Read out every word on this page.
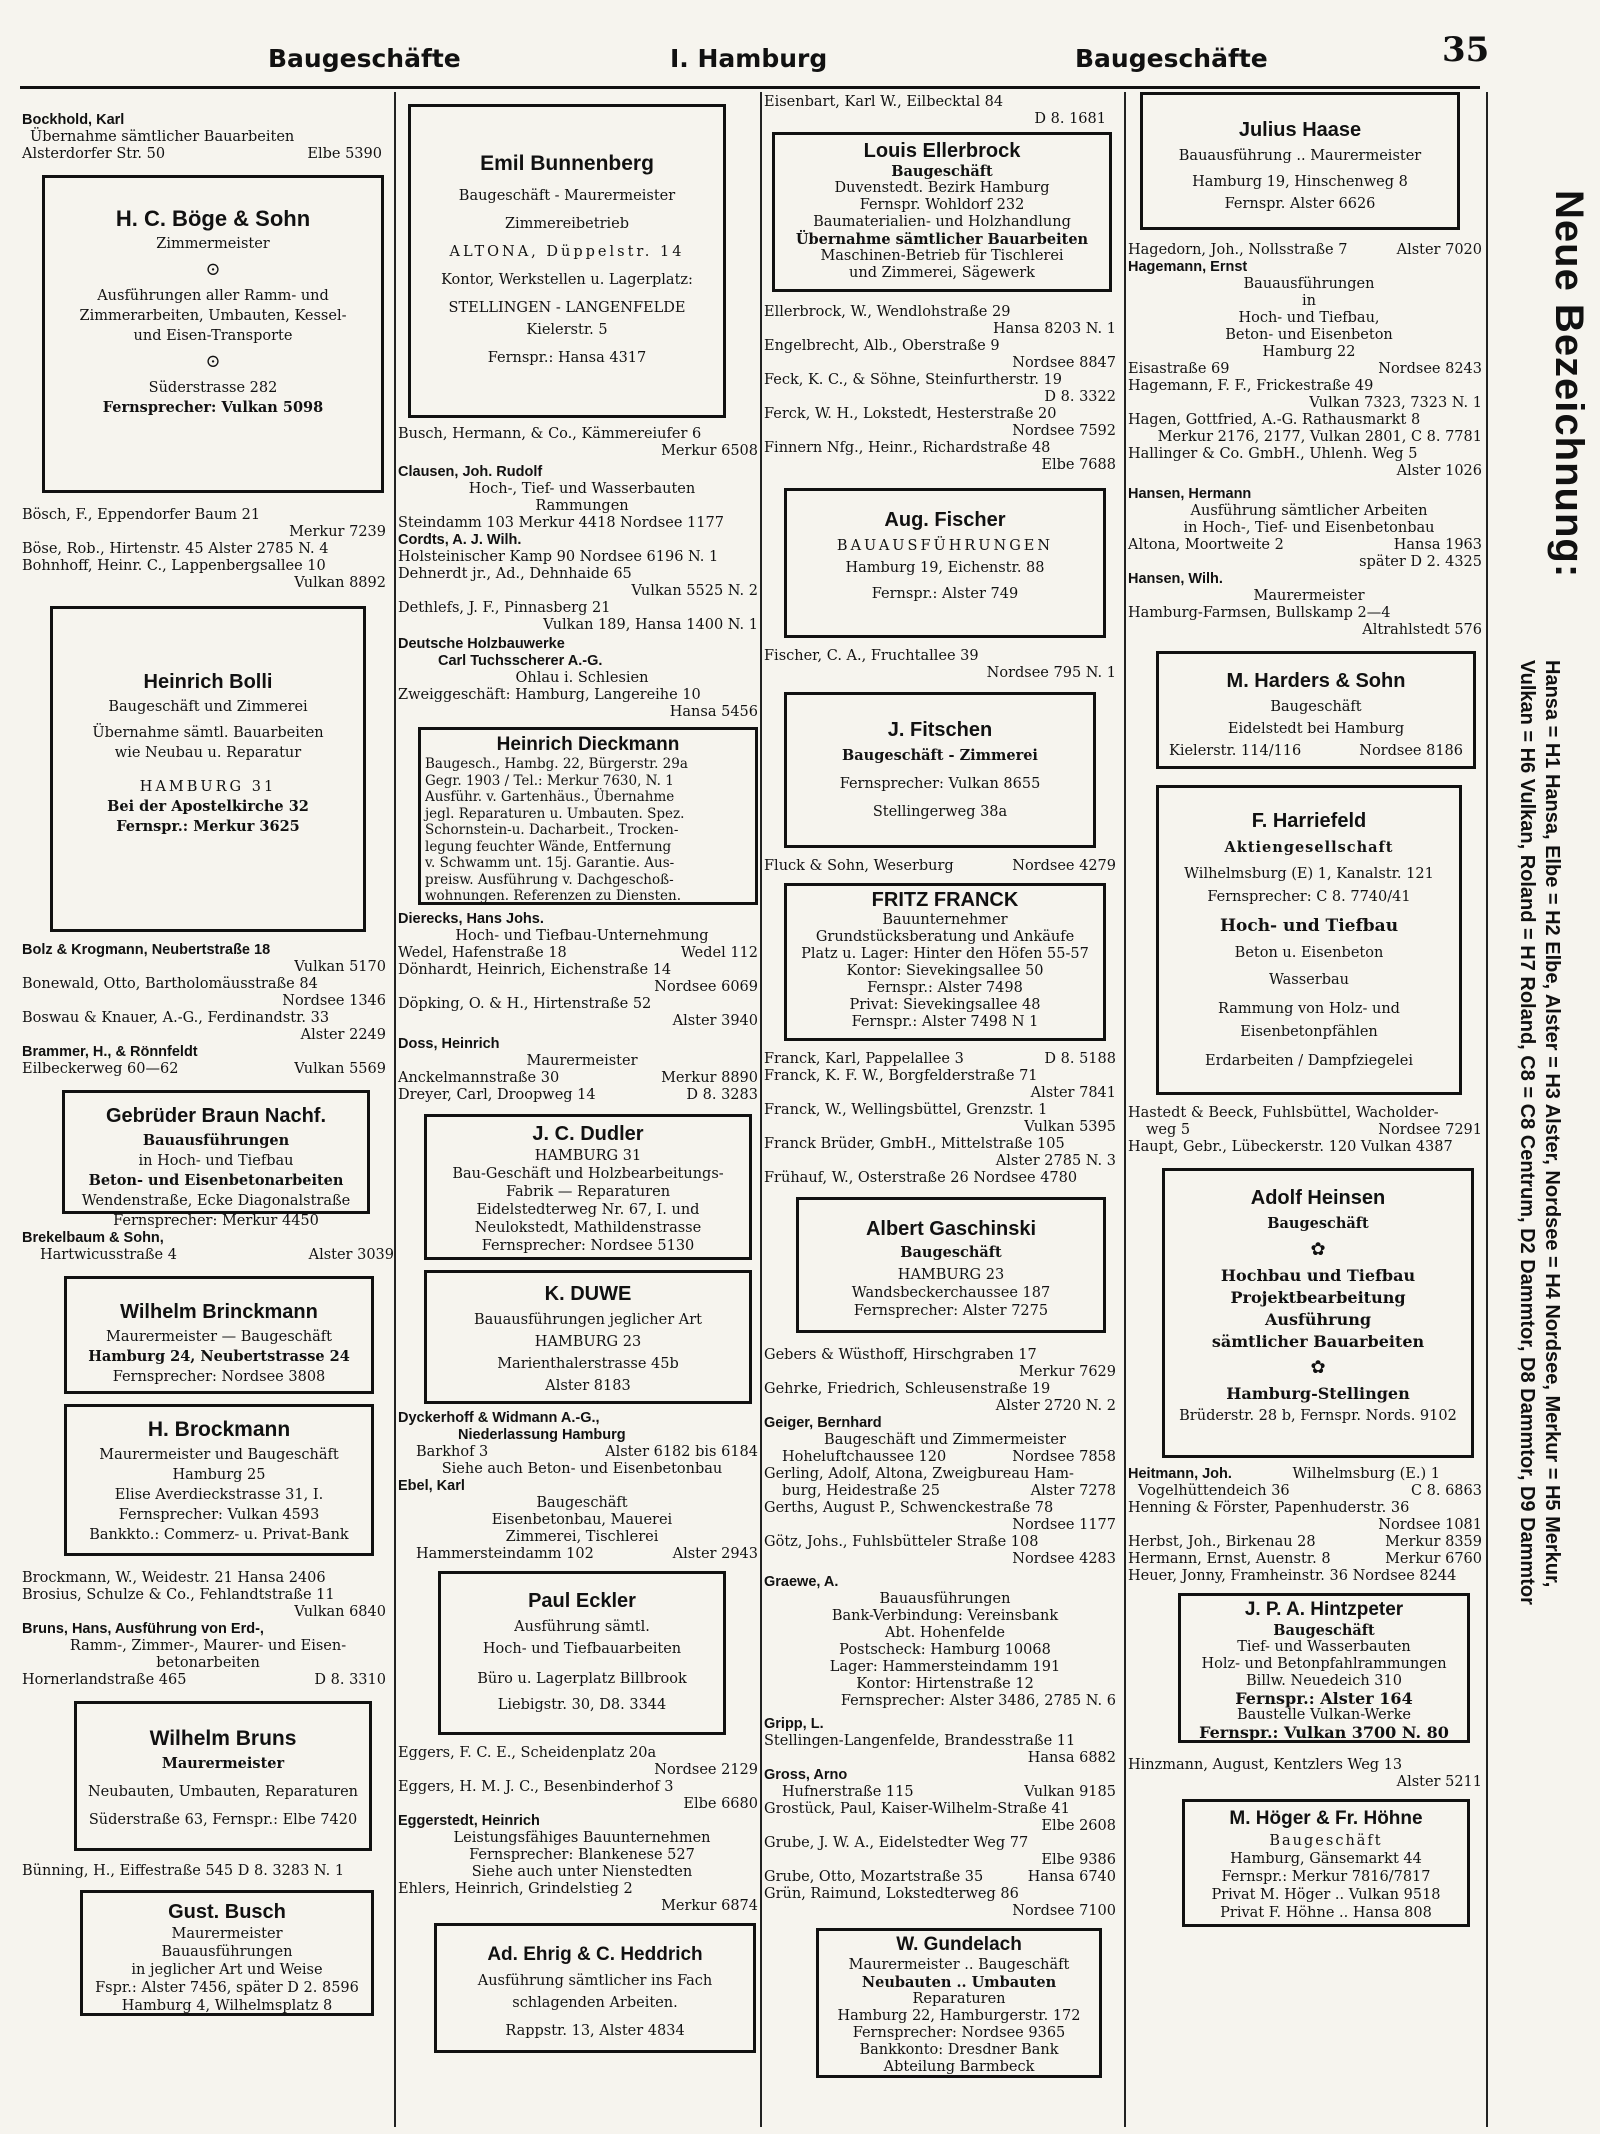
Baugeschäfte	I. Hamburg	Baugeschäfte	35
Bockhold, Karl
Übernahme sämtlicher Bauarbeiten
Alsterdorfer Str. 50	Elbe 5390
H. C. Böge & Sohn
Zimmermeister
⊙
Ausführungen aller Ramm- und
Zimmerarbeiten, Umbauten, Kessel-
und Eisen-Transporte
⊙
Süderstrasse 282
Fernsprecher: Vulkan 5098
Bösch, F., Eppendorfer Baum 21
Merkur 7239
Böse, Rob., Hirtenstr. 45 Alster 2785 N. 4
Bohnhoff, Heinr. C., Lappenbergsallee 10
Vulkan 8892
Heinrich Bolli
Baugeschäft und Zimmerei
Übernahme sämtl. Bauarbeiten
wie Neubau u. Reparatur
HAMBURG 31
Bei der Apostelkirche 32
Fernspr.: Merkur 3625
Bolz & Krogmann, Neubertstraße 18
Vulkan 5170
Bonewald, Otto, Bartholomäusstraße 84
Nordsee 1346
Boswau & Knauer, A.-G., Ferdinandstr. 33
Alster 2249
Brammer, H., & Rönnfeldt
Eilbeckerweg 60—62	Vulkan 5569
Gebrüder Braun Nachf.
Bauausführungen
in Hoch- und Tiefbau
Beton- und Eisenbetonarbeiten
Wendenstraße, Ecke Diagonalstraße
Fernsprecher: Merkur 4450
Brekelbaum & Sohn,
Hartwicusstraße 4	Alster 3039
Wilhelm Brinckmann
Maurermeister — Baugeschäft
Hamburg 24, Neubertstrasse 24
Fernsprecher: Nordsee 3808
H. Brockmann
Maurermeister und Baugeschäft
Hamburg 25
Elise Averdieckstrasse 31, I.
Fernsprecher: Vulkan 4593
Bankkto.: Commerz- u. Privat-Bank
Brockmann, W., Weidestr. 21 Hansa 2406
Brosius, Schulze & Co., Fehlandtstraße 11
Vulkan 6840
Bruns, Hans, Ausführung von Erd-,
Ramm-, Zimmer-, Maurer- und Eisen-
betonarbeiten
Hornerlandstraße 465	D 8. 3310
Wilhelm Bruns
Maurermeister
Neubauten, Umbauten, Reparaturen
Süderstraße 63, Fernspr.: Elbe 7420
Bünning, H., Eiffestraße 545 D 8. 3283 N. 1
Gust. Busch
Maurermeister
Bauausführungen
in jeglicher Art und Weise
Fspr.: Alster 7456, später D 2. 8596
Hamburg 4, Wilhelmsplatz 8
Emil Bunnenberg
Baugeschäft - Maurermeister
Zimmereibetrieb
ALTONA, Düppelstr. 14
Kontor, Werkstellen u. Lagerplatz:
STELLINGEN - LANGENFELDE
Kielerstr. 5
Fernspr.: Hansa 4317
Busch, Hermann, & Co., Kämmereiufer 6
Merkur 6508
Clausen, Joh. Rudolf
Hoch-, Tief- und Wasserbauten
Rammungen
Steindamm 103 Merkur 4418 Nordsee 1177
Cordts, A. J. Wilh.
Holsteinischer Kamp 90 Nordsee 6196 N. 1
Dehnerdt jr., Ad., Dehnhaide 65
Vulkan 5525 N. 2
Dethlefs, J. F., Pinnasberg 21
Vulkan 189, Hansa 1400 N. 1
Deutsche Holzbauwerke
Carl Tuchsscherer A.-G.
Ohlau i. Schlesien
Zweiggeschäft: Hamburg, Langereihe 10
Hansa 5456
Heinrich Dieckmann
Baugesch., Hambg. 22, Bürgerstr. 29a
Gegr. 1903 / Tel.: Merkur 7630, N. 1
Ausführ. v. Gartenhäus., Übernahme
jegl. Reparaturen u. Umbauten. Spez.
Schornstein-u. Dacharbeit., Trocken-
legung feuchter Wände, Entfernung
v. Schwamm unt. 15j. Garantie. Aus-
preisw. Ausführung v. Dachgeschoß-
wohnungen. Referenzen zu Diensten.
Dierecks, Hans Johs.
Hoch- und Tiefbau-Unternehmung
Wedel, Hafenstraße 18	Wedel 112
Dönhardt, Heinrich, Eichenstraße 14
Nordsee 6069
Döpking, O. & H., Hirtenstraße 52
Alster 3940
Doss, Heinrich
Maurermeister
Anckelmannstraße 30	Merkur 8890
Dreyer, Carl, Droopweg 14	D 8. 3283
J. C. Dudler
HAMBURG 31
Bau-Geschäft und Holzbearbeitungs-
Fabrik — Reparaturen
Eidelstedterweg Nr. 67, I. und
Neulokstedt, Mathildenstrasse
Fernsprecher: Nordsee 5130
K. DUWE
Bauausführungen jeglicher Art
HAMBURG 23
Marienthalerstrasse 45b
Alster 8183
Dyckerhoff & Widmann A.-G.,
Niederlassung Hamburg
Barkhof 3	Alster 6182 bis 6184
Siehe auch Beton- und Eisenbetonbau
Ebel, Karl
Baugeschäft
Eisenbetonbau, Mauerei
Zimmerei, Tischlerei
Hammersteindamm 102	Alster 2943
Paul Eckler
Ausführung sämtl.
Hoch- und Tiefbauarbeiten
Büro u. Lagerplatz Billbrook
Liebigstr. 30, D8. 3344
Eggers, F. C. E., Scheidenplatz 20a
Nordsee 2129
Eggers, H. M. J. C., Besenbinderhof 3
Elbe 6680
Eggerstedt, Heinrich
Leistungsfähiges Bauunternehmen
Fernsprecher: Blankenese 527
Siehe auch unter Nienstedten
Ehlers, Heinrich, Grindelstieg 2
Merkur 6874
Ad. Ehrig & C. Heddrich
Ausführung sämtlicher ins Fach
schlagenden Arbeiten.
Rappstr. 13, Alster 4834
Eisenbart, Karl W., Eilbecktal 84
D 8. 1681
Louis Ellerbrock
Baugeschäft
Duvenstedt. Bezirk Hamburg
Fernspr. Wohldorf 232
Baumaterialien- und Holzhandlung
Übernahme sämtlicher Bauarbeiten
Maschinen-Betrieb für Tischlerei
und Zimmerei, Sägewerk
Ellerbrock, W., Wendlohstraße 29
Hansa 8203 N. 1
Engelbrecht, Alb., Oberstraße 9
Nordsee 8847
Feck, K. C., & Söhne, Steinfurtherstr. 19
D 8. 3322
Ferck, W. H., Lokstedt, Hesterstraße 20
Nordsee 7592
Finnern Nfg., Heinr., Richardstraße 48
Elbe 7688
Aug. Fischer
BAUAUSFÜHRUNGEN
Hamburg 19, Eichenstr. 88
Fernspr.: Alster 749
Fischer, C. A., Fruchtallee 39
Nordsee 795 N. 1
J. Fitschen
Baugeschäft - Zimmerei
Fernsprecher: Vulkan 8655
Stellingerweg 38a
Fluck & Sohn, Weserburg	Nordsee 4279
FRITZ FRANCK
Bauunternehmer
Grundstücksberatung und Ankäufe
Platz u. Lager: Hinter den Höfen 55-57
Kontor: Sievekingsallee 50
Fernspr.: Alster 7498
Privat: Sievekingsallee 48
Fernspr.: Alster 7498 N 1
Franck, Karl, Pappelallee 3	D 8. 5188
Franck, K. F. W., Borgfelderstraße 71
Alster 7841
Franck, W., Wellingsbüttel, Grenzstr. 1
Vulkan 5395
Franck Brüder, GmbH., Mittelstraße 105
Alster 2785 N. 3
Frühauf, W., Osterstraße 26 Nordsee 4780
Albert Gaschinski
Baugeschäft
HAMBURG 23
Wandsbeckerchaussee 187
Fernsprecher: Alster 7275
Gebers & Wüsthoff, Hirschgraben 17
Merkur 7629
Gehrke, Friedrich, Schleusenstraße 19
Alster 2720 N. 2
Geiger, Bernhard
Baugeschäft und Zimmermeister
Hoheluftchaussee 120	Nordsee 7858
Gerling, Adolf, Altona, Zweigbureau Ham-
burg, Heidestraße 25	Alster 7278
Gerths, August P., Schwenckestraße 78
Nordsee 1177
Götz, Johs., Fuhlsbütteler Straße 108
Nordsee 4283
Graewe, A.
Bauausführungen
Bank-Verbindung: Vereinsbank
Abt. Hohenfelde
Postscheck: Hamburg 10068
Lager: Hammersteindamm 191
Kontor: Hirtenstraße 12
Fernsprecher: Alster 3486, 2785 N. 6
Gripp, L.
Stellingen-Langenfelde, Brandesstraße 11
Hansa 6882
Gross, Arno
Hufnerstraße 115	Vulkan 9185
Grostück, Paul, Kaiser-Wilhelm-Straße 41
Elbe 2608
Grube, J. W. A., Eidelstedter Weg 77
Elbe 9386
Grube, Otto, Mozartstraße 35	Hansa 6740
Grün, Raimund, Lokstedterweg 86
Nordsee 7100
W. Gundelach
Maurermeister .. Baugeschäft
Neubauten .. Umbauten
Reparaturen
Hamburg 22, Hamburgerstr. 172
Fernsprecher: Nordsee 9365
Bankkonto: Dresdner Bank
Abteilung Barmbeck
Julius Haase
Bauausführung .. Maurermeister
Hamburg 19, Hinschenweg 8
Fernspr. Alster 6626
Hagedorn, Joh., Nollsstraße 7	Alster 7020
Hagemann, Ernst
Bauausführungen
in
Hoch- und Tiefbau,
Beton- und Eisenbeton
Hamburg 22
Eisastraße 69	Nordsee 8243
Hagemann, F. F., Frickestraße 49
Vulkan 7323, 7323 N. 1
Hagen, Gottfried, A.-G. Rathausmarkt 8
Merkur 2176, 2177, Vulkan 2801, C 8. 7781
Hallinger & Co. GmbH., Uhlenh. Weg 5
Alster 1026
Hansen, Hermann
Ausführung sämtlicher Arbeiten
in Hoch-, Tief- und Eisenbetonbau
Altona, Moortweite 2	Hansa 1963
später D 2. 4325
Hansen, Wilh.
Maurermeister
Hamburg-Farmsen, Bullskamp 2—4
Altrahlstedt 576
M. Harders & Sohn
Baugeschäft
Eidelstedt bei Hamburg
Kielerstr. 114/116	Nordsee 8186
F. Harriefeld
Aktiengesellschaft
Wilhelmsburg (E) 1, Kanalstr. 121
Fernsprecher: C 8. 7740/41
Hoch- und Tiefbau
Beton u. Eisenbeton
Wasserbau
Rammung von Holz- und
Eisenbetonpfählen
Erdarbeiten / Dampfziegelei
Hastedt & Beeck, Fuhlsbüttel, Wacholder-
weg 5	Nordsee 7291
Haupt, Gebr., Lübeckerstr. 120 Vulkan 4387
Adolf Heinsen
Baugeschäft
✿
Hochbau und Tiefbau
Projektbearbeitung
Ausführung
sämtlicher Bauarbeiten
✿
Hamburg-Stellingen
Brüderstr. 28 b, Fernspr. Nords. 9102
Heitmann, Joh.	Wilhelmsburg (E.) 1
Vogelhüttendeich 36	C 8. 6863
Henning & Förster, Papenhuderstr. 36
Nordsee 1081
Herbst, Joh., Birkenau 28	Merkur 8359
Hermann, Ernst, Auenstr. 8	Merkur 6760
Heuer, Jonny, Framheinstr. 36 Nordsee 8244
J. P. A. Hintzpeter
Baugeschäft
Tief- und Wasserbauten
Holz- und Betonpfahlrammungen
Billw. Neuedeich 310
Fernspr.: Alster 164
Baustelle Vulkan-Werke
Fernspr.: Vulkan 3700 N. 80
Hinzmann, August, Kentzlers Weg 13
Alster 5211
M. Höger & Fr. Höhne
Baugeschäft
Hamburg, Gänsemarkt 44
Fernspr.: Merkur 7816/7817
Privat M. Höger .. Vulkan 9518
Privat F. Höhne .. Hansa 808
Neue Bezeichnung:
Hansa = H1 Hansa, Elbe = H2 Elbe, Alster = H3 Alster, Nordsee = H4 Nordsee, Merkur = H5 Merkur,
Vulkan = H6 Vulkan, Roland = H7 Roland, C8 = C8 Centrum, D2 Dammtor, D8 Dammtor, D9 Dammtor
